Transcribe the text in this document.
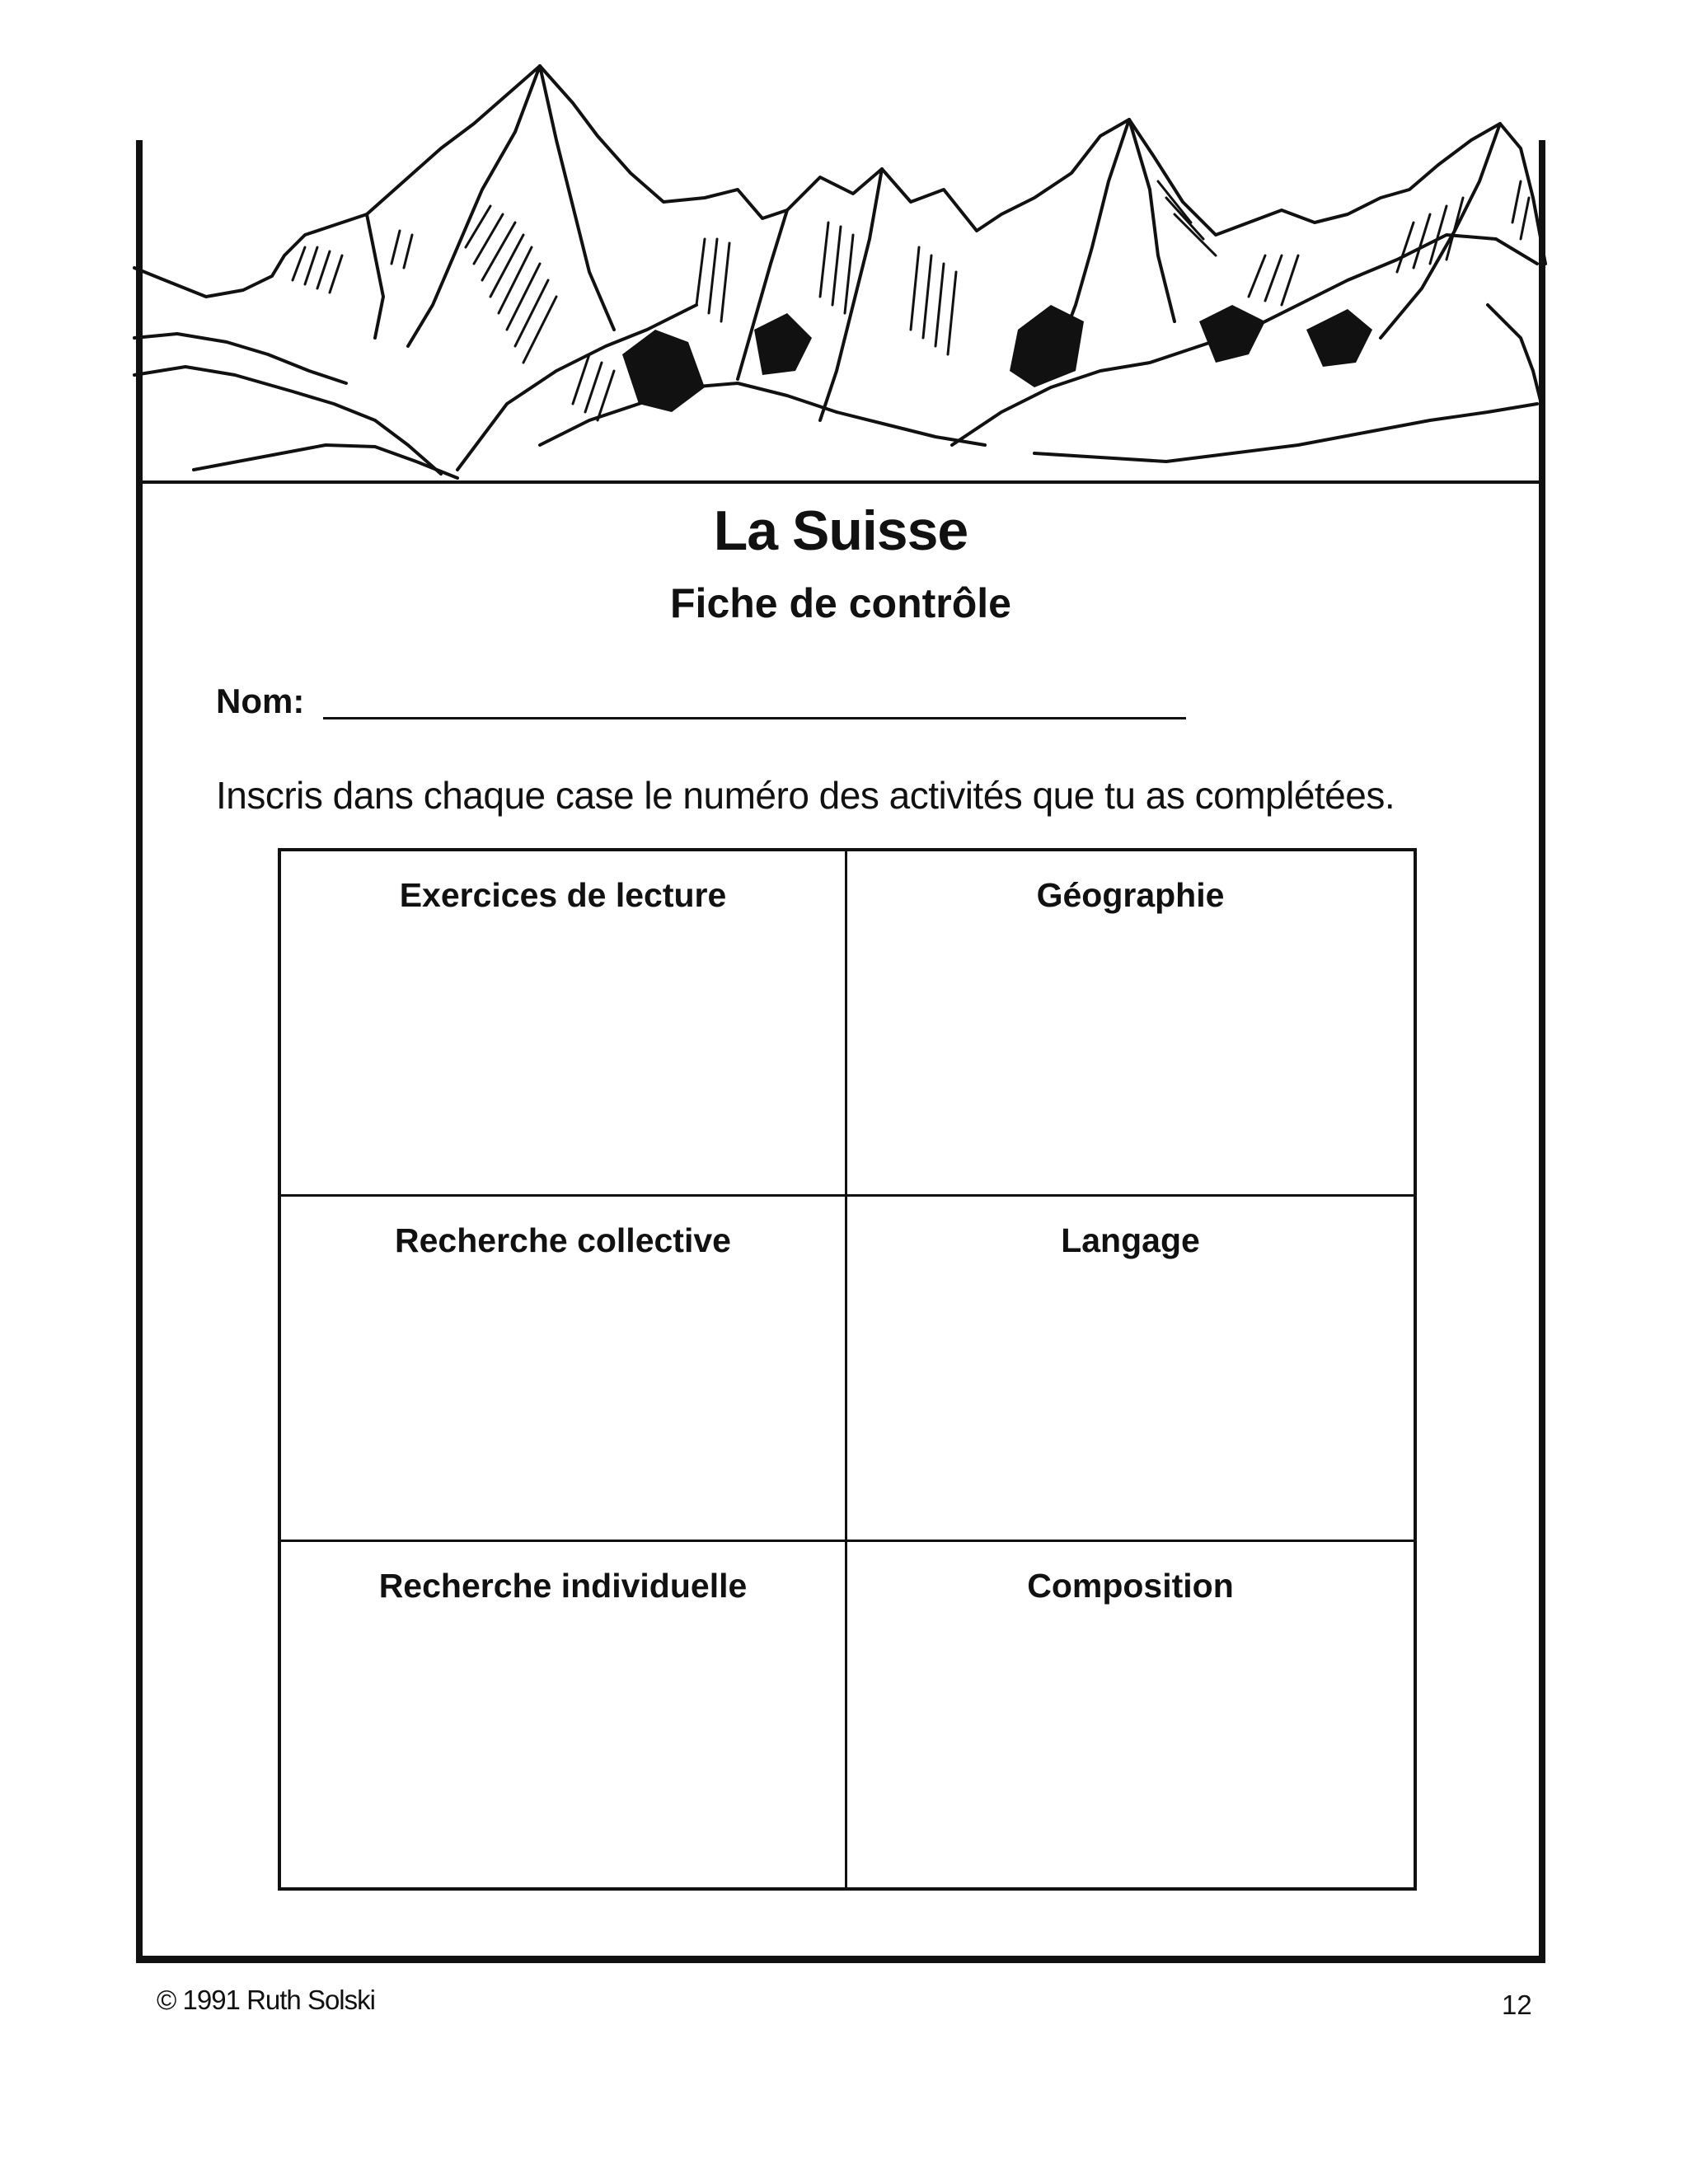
La Suisse
Fiche de contrôle
Nom:
Inscris dans chaque case le numéro des activités que tu as complétées.
Exercices de lecture	Géographie
Recherche collective	Langage
Recherche individuelle	Composition
© 1991 Ruth Solski	12
